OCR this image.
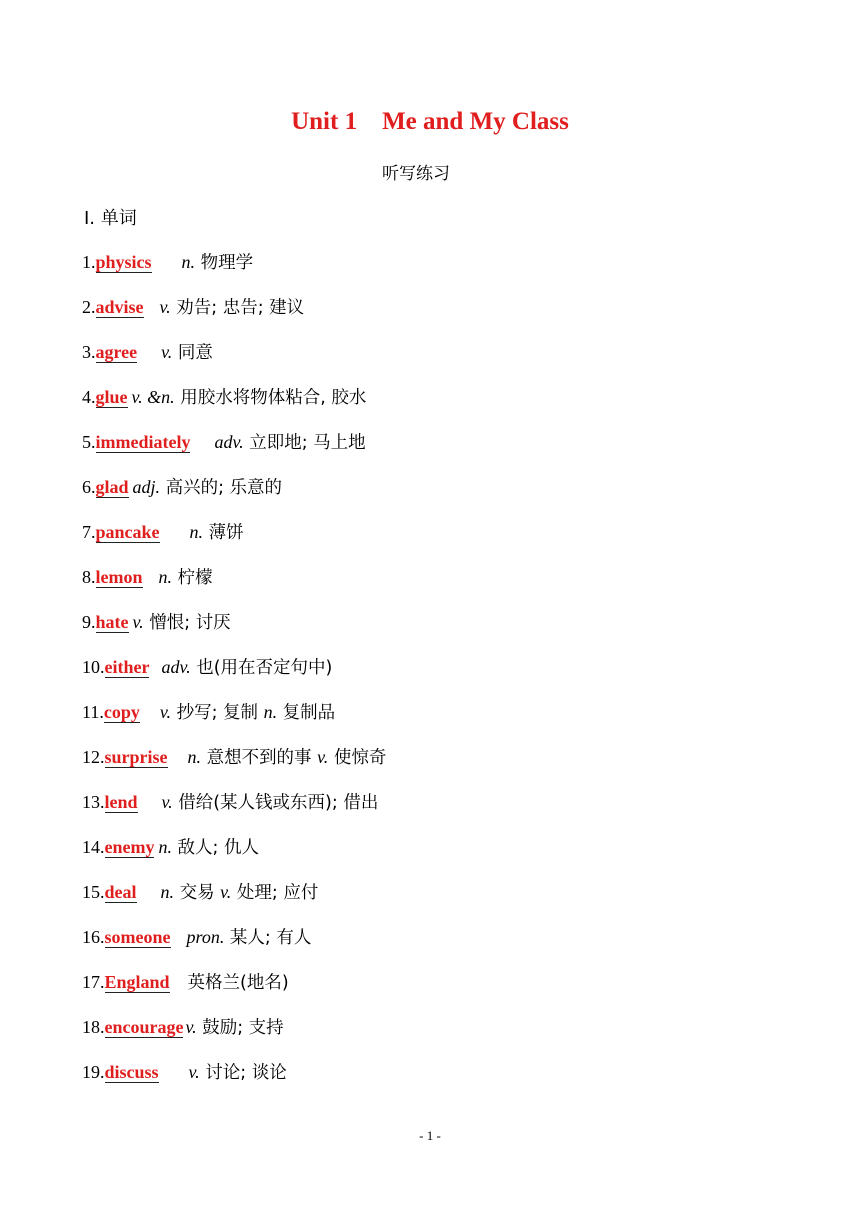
Unit 1    Me and My Class
听写练习
Ⅰ. 单词
1.physics n. 物理学
2.advise v. 劝告; 忠告; 建议
3.agree v. 同意
4.glue v. &n. 用胶水将物体粘合, 胶水
5.immediately adv. 立即地; 马上地
6.glad adj. 高兴的; 乐意的
7.pancake n. 薄饼
8.lemon n. 柠檬
9.hate v. 憎恨; 讨厌
10.either adv. 也(用在否定句中)
11.copy v. 抄写; 复制 n. 复制品
12.surprise n. 意想不到的事 v. 使惊奇
13.lend v. 借给(某人钱或东西); 借出
14.enemy n. 敌人; 仇人
15.deal n. 交易 v. 处理; 应付
16.someone pron. 某人; 有人
17.England 英格兰(地名)
18.encourage v. 鼓励; 支持
19.discuss v. 讨论; 谈论
- 1 -
